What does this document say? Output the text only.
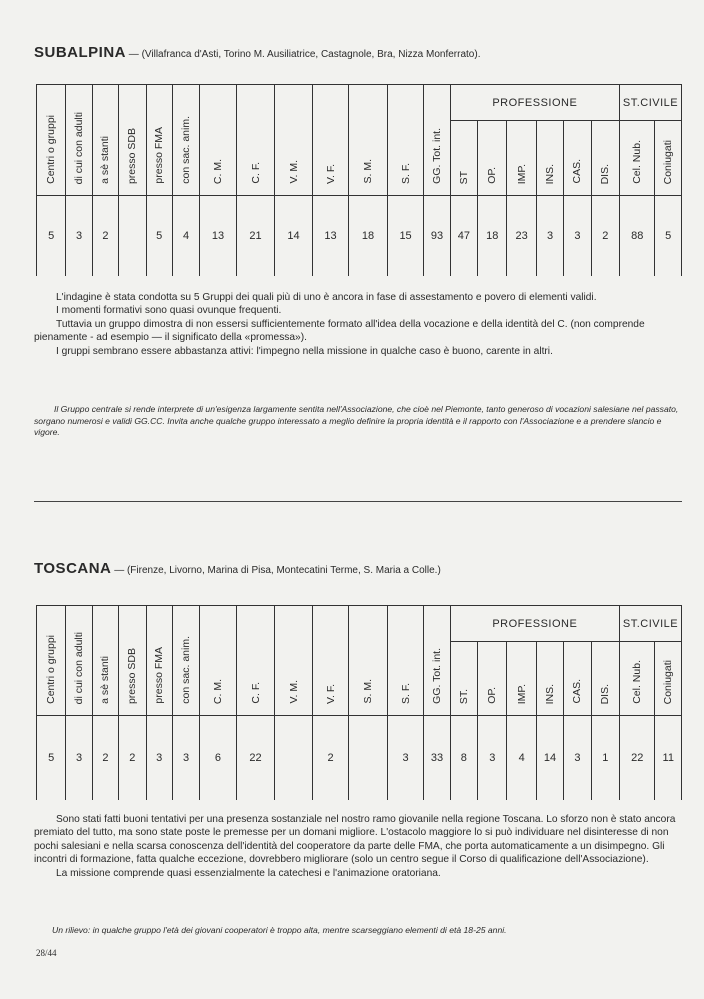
SUBALPINA — (Villafranca d'Asti, Torino M. Ausiliatrice, Castagnole, Bra, Nizza Monferrato).
Centri o gruppi	di cui con adulti	a sè stanti	presso SDB	presso FMA	con sac. anim.	C. M.	C. F.	V. M.	V. F.	S. M.	S. F.	GG. Tot. int.	PROFESSIONE						ST.CIVILE	
													ST	OP.	IMP.	INS.	CAS.	DIS.	Cel. Nub.	Coniugati
5	3	2		5	4	13	21	14	13	18	15	93	47	18	23	3	3	2	88	5

L'indagine è stata condotta su 5 Gruppi dei quali più di uno è ancora in fase di assestamento e povero di elementi validi.

I momenti formativi sono quasi ovunque frequenti.

Tuttavia un gruppo dimostra di non essersi sufficientemente formato all'idea della vocazione e della identità del C. (non comprende pienamente - ad esempio — il significato della «promessa»).

I gruppi sembrano essere abbastanza attivi: l'impegno nella missione in qualche caso è buono, carente in altri.

Il Gruppo centrale si rende interprete di un'esigenza largamente sentita nell'Associazione, che cioè nel Piemonte, tanto generoso di vocazioni salesiane nel passato, sorgano numerosi e validi GG.CC. Invita anche qualche gruppo interessato a meglio definire la propria identità e il rapporto con l'Associazione e a prendere slancio e vigore.
TOSCANA — (Firenze, Livorno, Marina di Pisa, Montecatini Terme, S. Maria a Colle.)
Centri o gruppi	di cui con adulti	a sè stanti	presso SDB	presso FMA	con sac. anim.	C. M.	C. F.	V. M.	V. F.	S. M.	S. F.	GG. Tot. int.	PROFESSIONE						ST.CIVILE	
													ST.	OP.	IMP.	INS.	CAS.	DIS.	Cel. Nub.	Coniugati
5	3	2	2	3	3	6	22		2		3	33	8	3	4	14	3	1	22	11

Sono stati fatti buoni tentativi per una presenza sostanziale nel nostro ramo giovanile nella regione Toscana. Lo sforzo non è stato ancora premiato del tutto, ma sono state poste le premesse per un domani migliore. L'ostacolo maggiore lo si può individuare nel disinteresse di non pochi salesiani e nella scarsa conoscenza dell'identità del cooperatore da parte delle FMA, che porta automaticamente a un disimpegno. Gli incontri di formazione, fatta qualche eccezione, dovrebbero migliorare (solo un centro segue il Corso di qualificazione dell'Associazione).

La missione comprende quasi essenzialmente la catechesi e l'animazione oratoriana.

Un rilievo: in qualche gruppo l'età dei giovani cooperatori è troppo alta, mentre scarseggiano elementi di età 18-25 anni.
28/44
